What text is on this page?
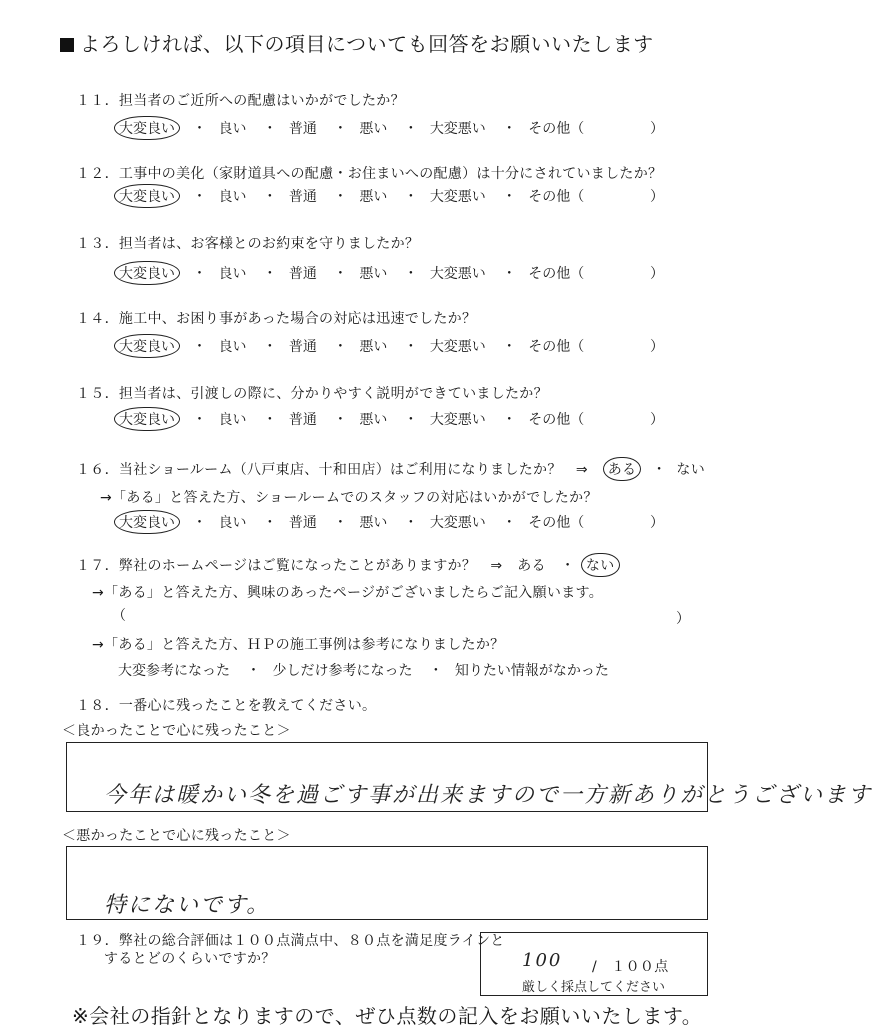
よろしければ、以下の項目についても回答をお願いいたします
１１．担当者のご近所への配慮はいかがでしたか？
大変良い ・ 良い ・ 普通 ・ 悪い ・ 大変悪い ・ その他（	）
１２．工事中の美化（家財道具への配慮・お住まいへの配慮）は十分にされていましたか？
大変良い ・ 良い ・ 普通 ・ 悪い ・ 大変悪い ・ その他（	）
１３．担当者は、お客様とのお約束を守りましたか？
大変良い ・ 良い ・ 普通 ・ 悪い ・ 大変悪い ・ その他（	）
１４．施工中、お困り事があった場合の対応は迅速でしたか？
大変良い ・ 良い ・ 普通 ・ 悪い ・ 大変悪い ・ その他（	）
１５．担当者は、引渡しの際に、分かりやすく説明ができていましたか？
大変良い ・ 良い ・ 普通 ・ 悪い ・ 大変悪い ・ その他（	）
１６．当社ショールーム（八戸東店、十和田店）はご利用になりましたか？　⇒ ある ・ ない
→「ある」と答えた方、ショールームでのスタッフの対応はいかがでしたか？
大変良い ・ 良い ・ 普通 ・ 悪い ・ 大変悪い ・ その他（	）
１７．弊社のホームページはご覧になったことがありますか？　⇒ ある ・ ない
→「ある」と答えた方、興味のあったページがございましたらご記入願います。
（	）
→「ある」と答えた方、ＨＰの施工事例は参考になりましたか？
大変参考になった ・ 少しだけ参考になった ・ 知りたい情報がなかった
１８．一番心に残ったことを教えてください。
＜良かったことで心に残ったこと＞
今年は暖かい冬を過ごす事が出来ますので一方新ありがとうございます
＜悪かったことで心に残ったこと＞
特にないです。
１９．弊社の総合評価は１００点満点中、８０点を満足度ラインと
するとどのくらいですか？	100 /　１００点
厳しく採点してください
※会社の指針となりますので、ぜひ点数の記入をお願いいたします。
